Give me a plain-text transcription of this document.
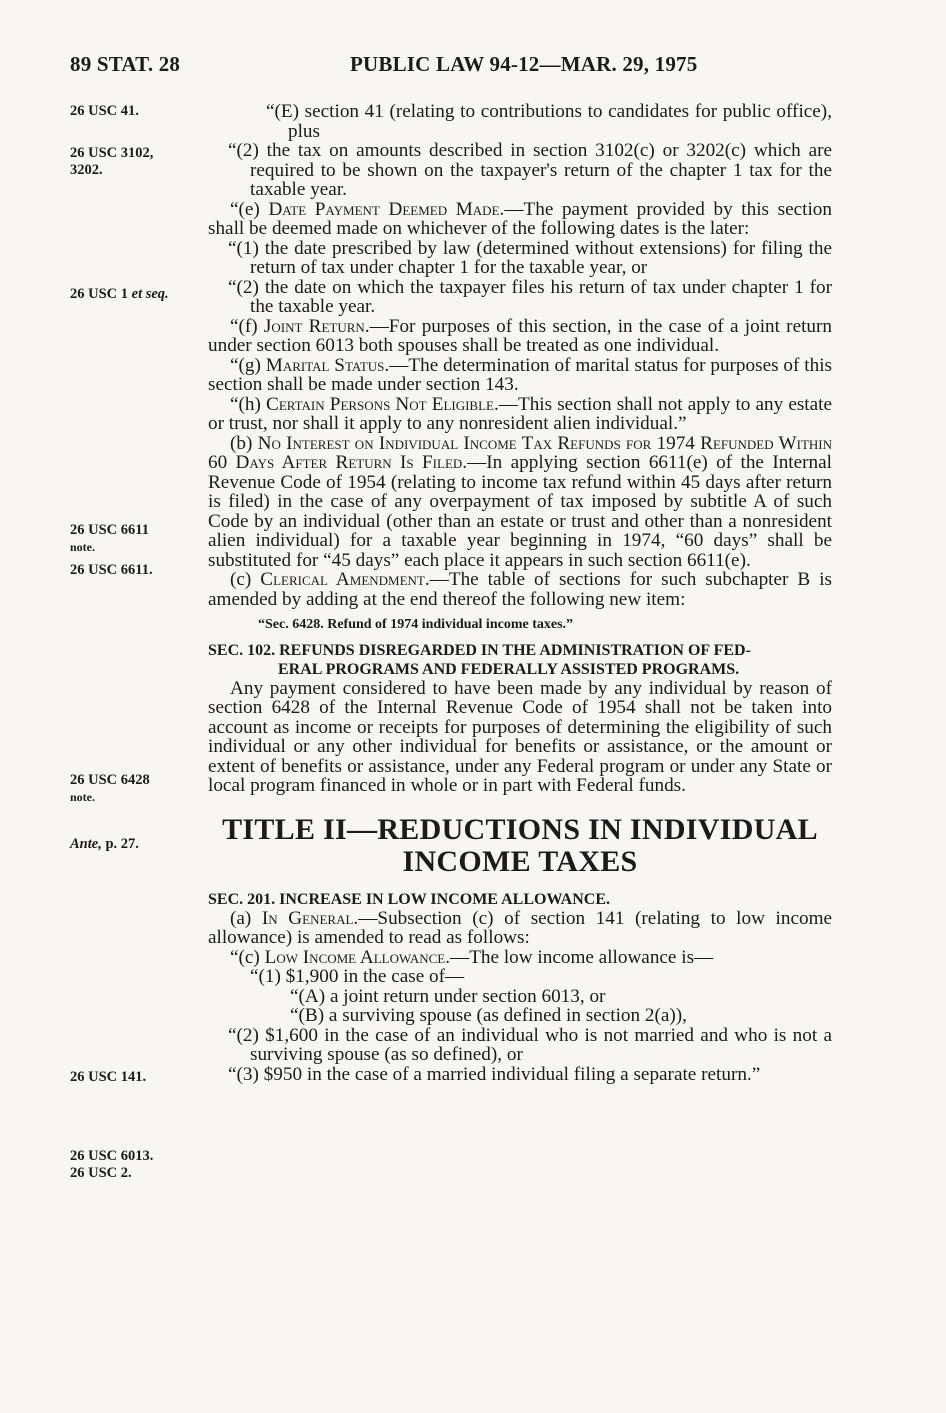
89 STAT. 28	PUBLIC LAW 94-12—MAR. 29, 1975
26 USC 41.
26 USC 3102,
3202.
26 USC 1 et seq.
26 USC 6611
note.
26 USC 6611.
26 USC 6428
note.
Ante, p. 27.
26 USC 141.
26 USC 6013.
26 USC 2.

“(E) section 41 (relating to contributions to candidates for public office), plus

“(2) the tax on amounts described in section 3102(c) or 3202(c) which are required to be shown on the taxpayer's return of the chapter 1 tax for the taxable year.

“(e) Date Payment Deemed Made.—The payment provided by this section shall be deemed made on whichever of the following dates is the later:

“(1) the date prescribed by law (determined without extensions) for filing the return of tax under chapter 1 for the taxable year, or

“(2) the date on which the taxpayer files his return of tax under chapter 1 for the taxable year.

“(f) Joint Return.—For purposes of this section, in the case of a joint return under section 6013 both spouses shall be treated as one individual.

“(g) Marital Status.—The determination of marital status for purposes of this section shall be made under section 143.

“(h) Certain Persons Not Eligible.—This section shall not apply to any estate or trust, nor shall it apply to any nonresident alien individual.”

(b) No Interest on Individual Income Tax Refunds for 1974 Refunded Within 60 Days After Return Is Filed.—In applying section 6611(e) of the Internal Revenue Code of 1954 (relating to income tax refund within 45 days after return is filed) in the case of any overpayment of tax imposed by subtitle A of such Code by an individual (other than an estate or trust and other than a nonresident alien individual) for a taxable year beginning in 1974, “60 days” shall be substituted for “45 days” each place it appears in such section 6611(e).

(c) Clerical Amendment.—The table of sections for such subchapter B is amended by adding at the end thereof the following new item:

“Sec. 6428. Refund of 1974 individual income taxes.”

SEC. 102. REFUNDS DISREGARDED IN THE ADMINISTRATION OF FED-
ERAL PROGRAMS AND FEDERALLY ASSISTED PROGRAMS.

Any payment considered to have been made by any individual by reason of section 6428 of the Internal Revenue Code of 1954 shall not be taken into account as income or receipts for purposes of determining the eligibility of such individual or any other individual for benefits or assistance, or the amount or extent of benefits or assistance, under any Federal program or under any State or local program financed in whole or in part with Federal funds.

TITLE II—REDUCTIONS IN INDIVIDUAL
INCOME TAXES

SEC. 201. INCREASE IN LOW INCOME ALLOWANCE.

(a) In General.—Subsection (c) of section 141 (relating to low income allowance) is amended to read as follows:

“(c) Low Income Allowance.—The low income allowance is—

“(1) $1,900 in the case of—

“(A) a joint return under section 6013, or

“(B) a surviving spouse (as defined in section 2(a)),

“(2) $1,600 in the case of an individual who is not married and who is not a surviving spouse (as so defined), or

“(3) $950 in the case of a married individual filing a separate return.”
